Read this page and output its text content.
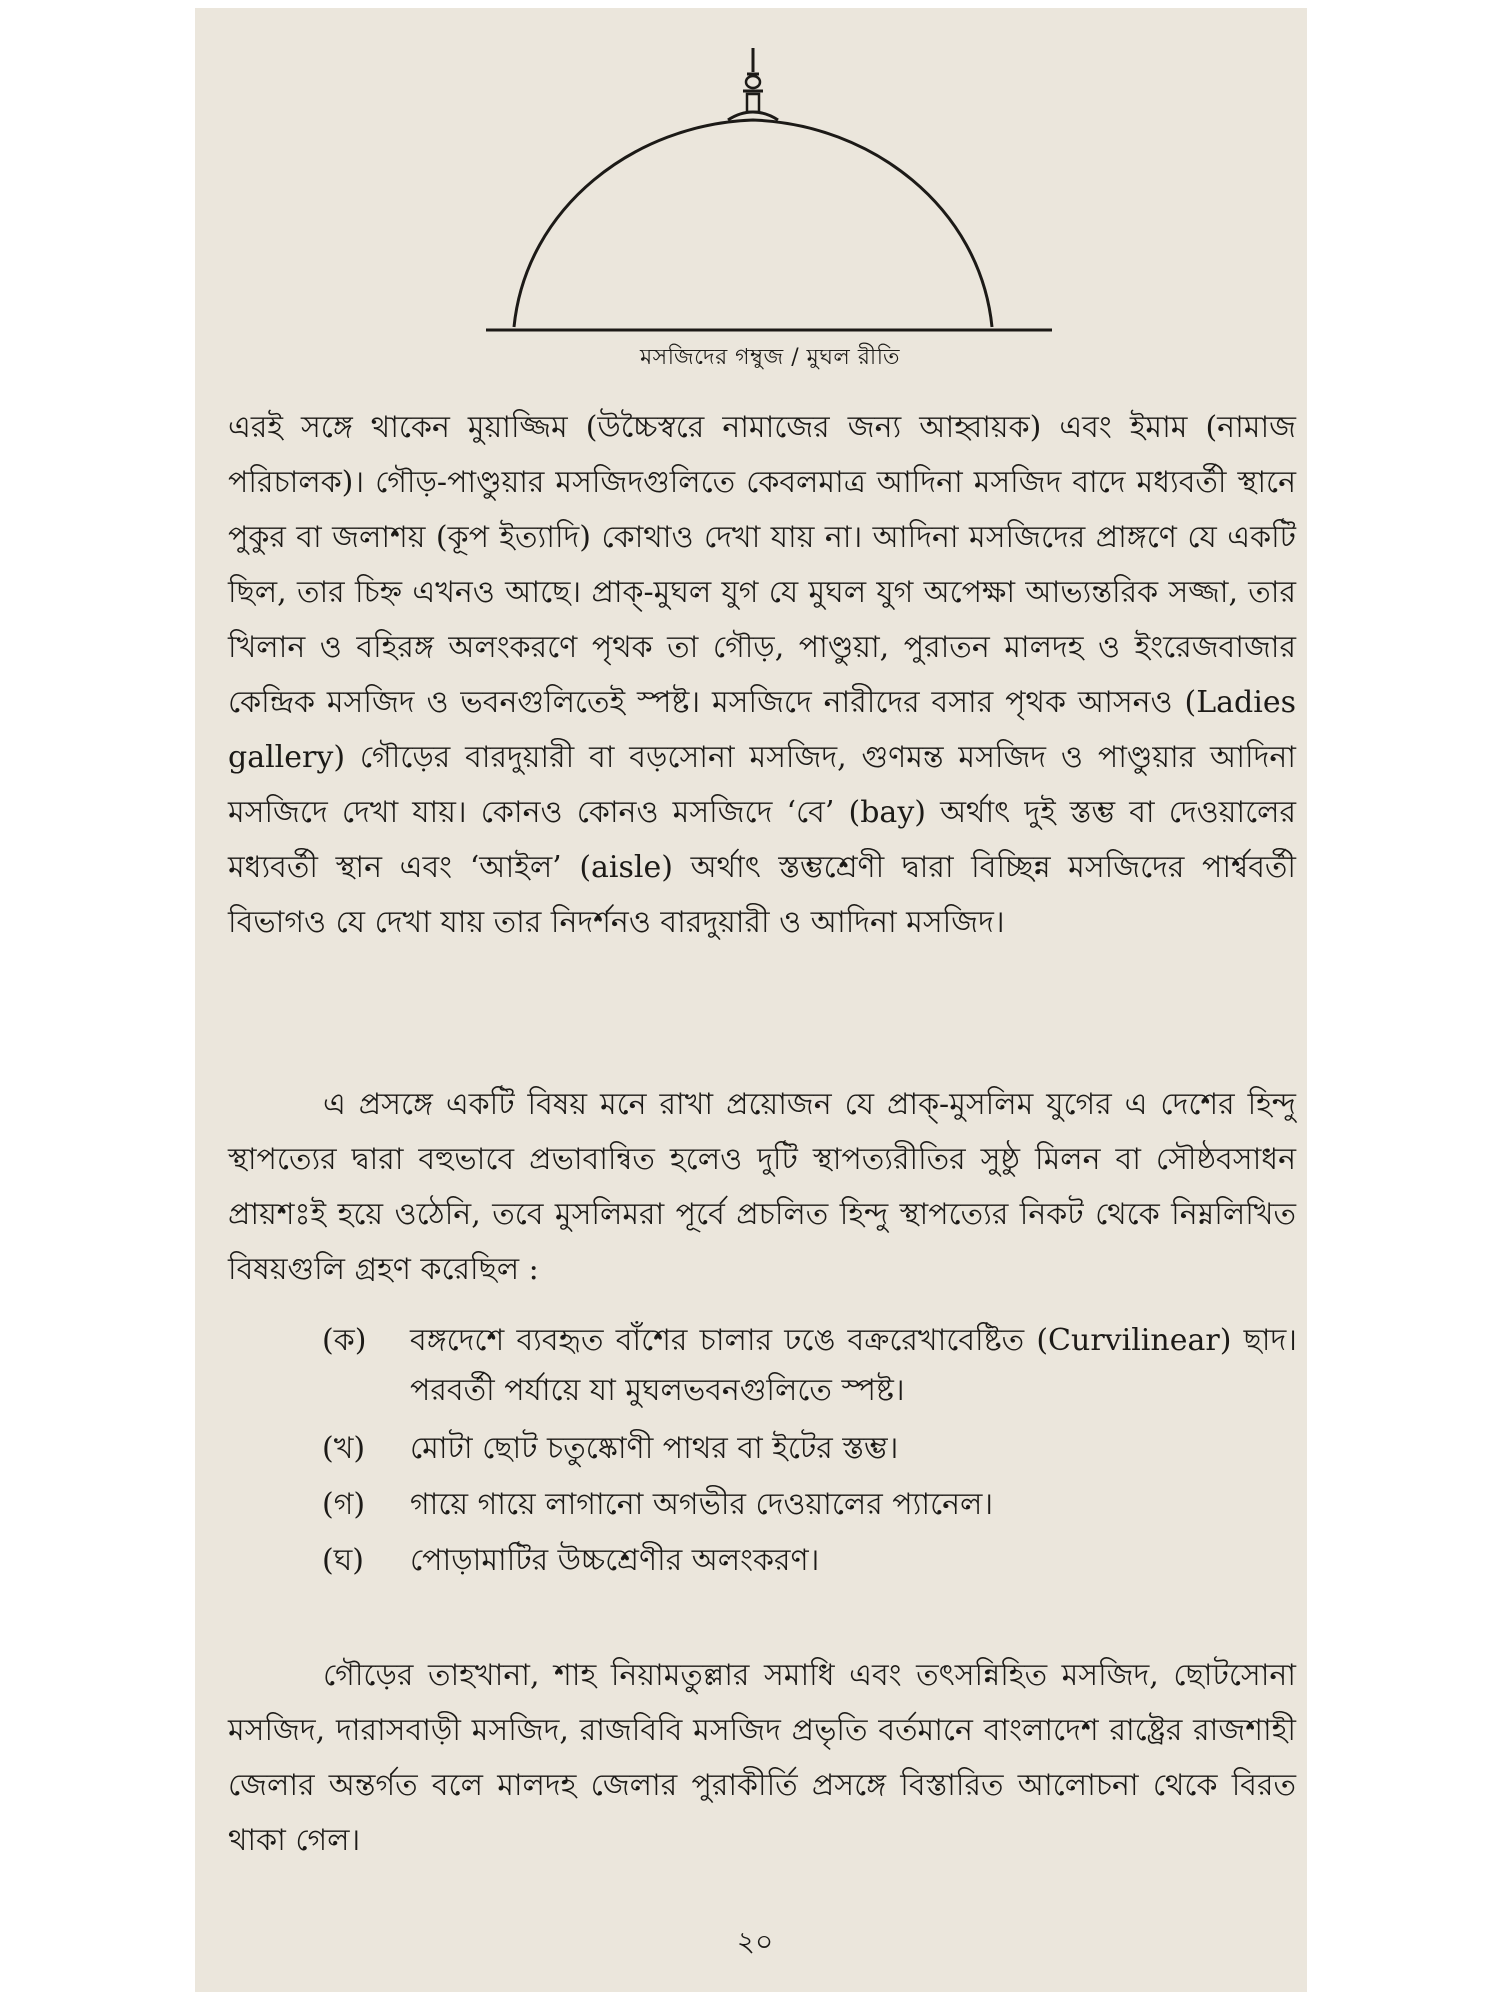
মসজিদের গম্বুজ / মুঘল রীতি

এরই সঙ্গে থাকেন মুয়াজ্জিম (উচ্চৈস্বরে নামাজের জন্য আহ্বায়ক) এবং ইমাম (নামাজ পরিচালক)। গৌড়-পাণ্ডুয়ার মসজিদগুলিতে কেবলমাত্র আদিনা মসজিদ বাদে মধ্যবর্তী স্থানে পুকুর বা জলাশয় (কূপ ইত্যাদি) কোথাও দেখা যায় না। আদিনা মসজিদের প্রাঙ্গণে যে একটি ছিল, তার চিহ্ন এখনও আছে। প্রাক্-মুঘল যুগ যে মুঘল যুগ অপেক্ষা আভ্যন্তরিক সজ্জা, তার খিলান ও বহিরঙ্গ অলংকরণে পৃথক তা গৌড়, পাণ্ডুয়া, পুরাতন মালদহ ও ইংরেজবাজার কেন্দ্রিক মসজিদ ও ভবনগুলিতেই স্পষ্ট। মসজিদে নারীদের বসার পৃথক আসনও (Ladies gallery) গৌড়ের বারদুয়ারী বা বড়সোনা মসজিদ, গুণমন্ত মসজিদ ও পাণ্ডুয়ার আদিনা মসজিদে দেখা যায়। কোনও কোনও মসজিদে ‘বে’ (bay) অর্থাৎ দুই স্তম্ভ বা দেওয়ালের মধ্যবর্তী স্থান এবং ‘আইল’ (aisle) অর্থাৎ স্তম্ভশ্রেণী দ্বারা বিচ্ছিন্ন মসজিদের পার্শ্ববর্তী বিভাগও যে দেখা যায় তার নিদর্শনও বারদুয়ারী ও আদিনা মসজিদ।

এ প্রসঙ্গে একটি বিষয় মনে রাখা প্রয়োজন যে প্রাক্-মুসলিম যুগের এ দেশের হিন্দু স্থাপত্যের দ্বারা বহুভাবে প্রভাবান্বিত হলেও দুটি স্থাপত্যরীতির সুষ্ঠু মিলন বা সৌষ্ঠবসাধন প্রায়শঃই হয়ে ওঠেনি, তবে মুসলিমরা পূর্বে প্রচলিত হিন্দু স্থাপত্যের নিকট থেকে নিম্নলিখিত বিষয়গুলি গ্রহণ করেছিল :

(ক)	বঙ্গদেশে ব্যবহৃত বাঁশের চালার ঢঙে বক্ররেখাবেষ্টিত (Curvilinear) ছাদ। পরবর্তী পর্যায়ে যা মুঘলভবনগুলিতে স্পষ্ট।
(খ)	মোটা ছোট চতুষ্কোণী পাথর বা ইটের স্তম্ভ।
(গ)	গায়ে গায়ে লাগানো অগভীর দেওয়ালের প্যানেল।
(ঘ)	পোড়ামাটির উচ্চশ্রেণীর অলংকরণ।

গৌড়ের তাহখানা, শাহ নিয়ামতুল্লার সমাধি এবং তৎসন্নিহিত মসজিদ, ছোটসোনা মসজিদ, দারাসবাড়ী মসজিদ, রাজবিবি মসজিদ প্রভৃতি বর্তমানে বাংলাদেশ রাষ্ট্রের রাজশাহী জেলার অন্তর্গত বলে মালদহ জেলার পুরাকীর্তি প্রসঙ্গে বিস্তারিত আলোচনা থেকে বিরত থাকা গেল।

২০
